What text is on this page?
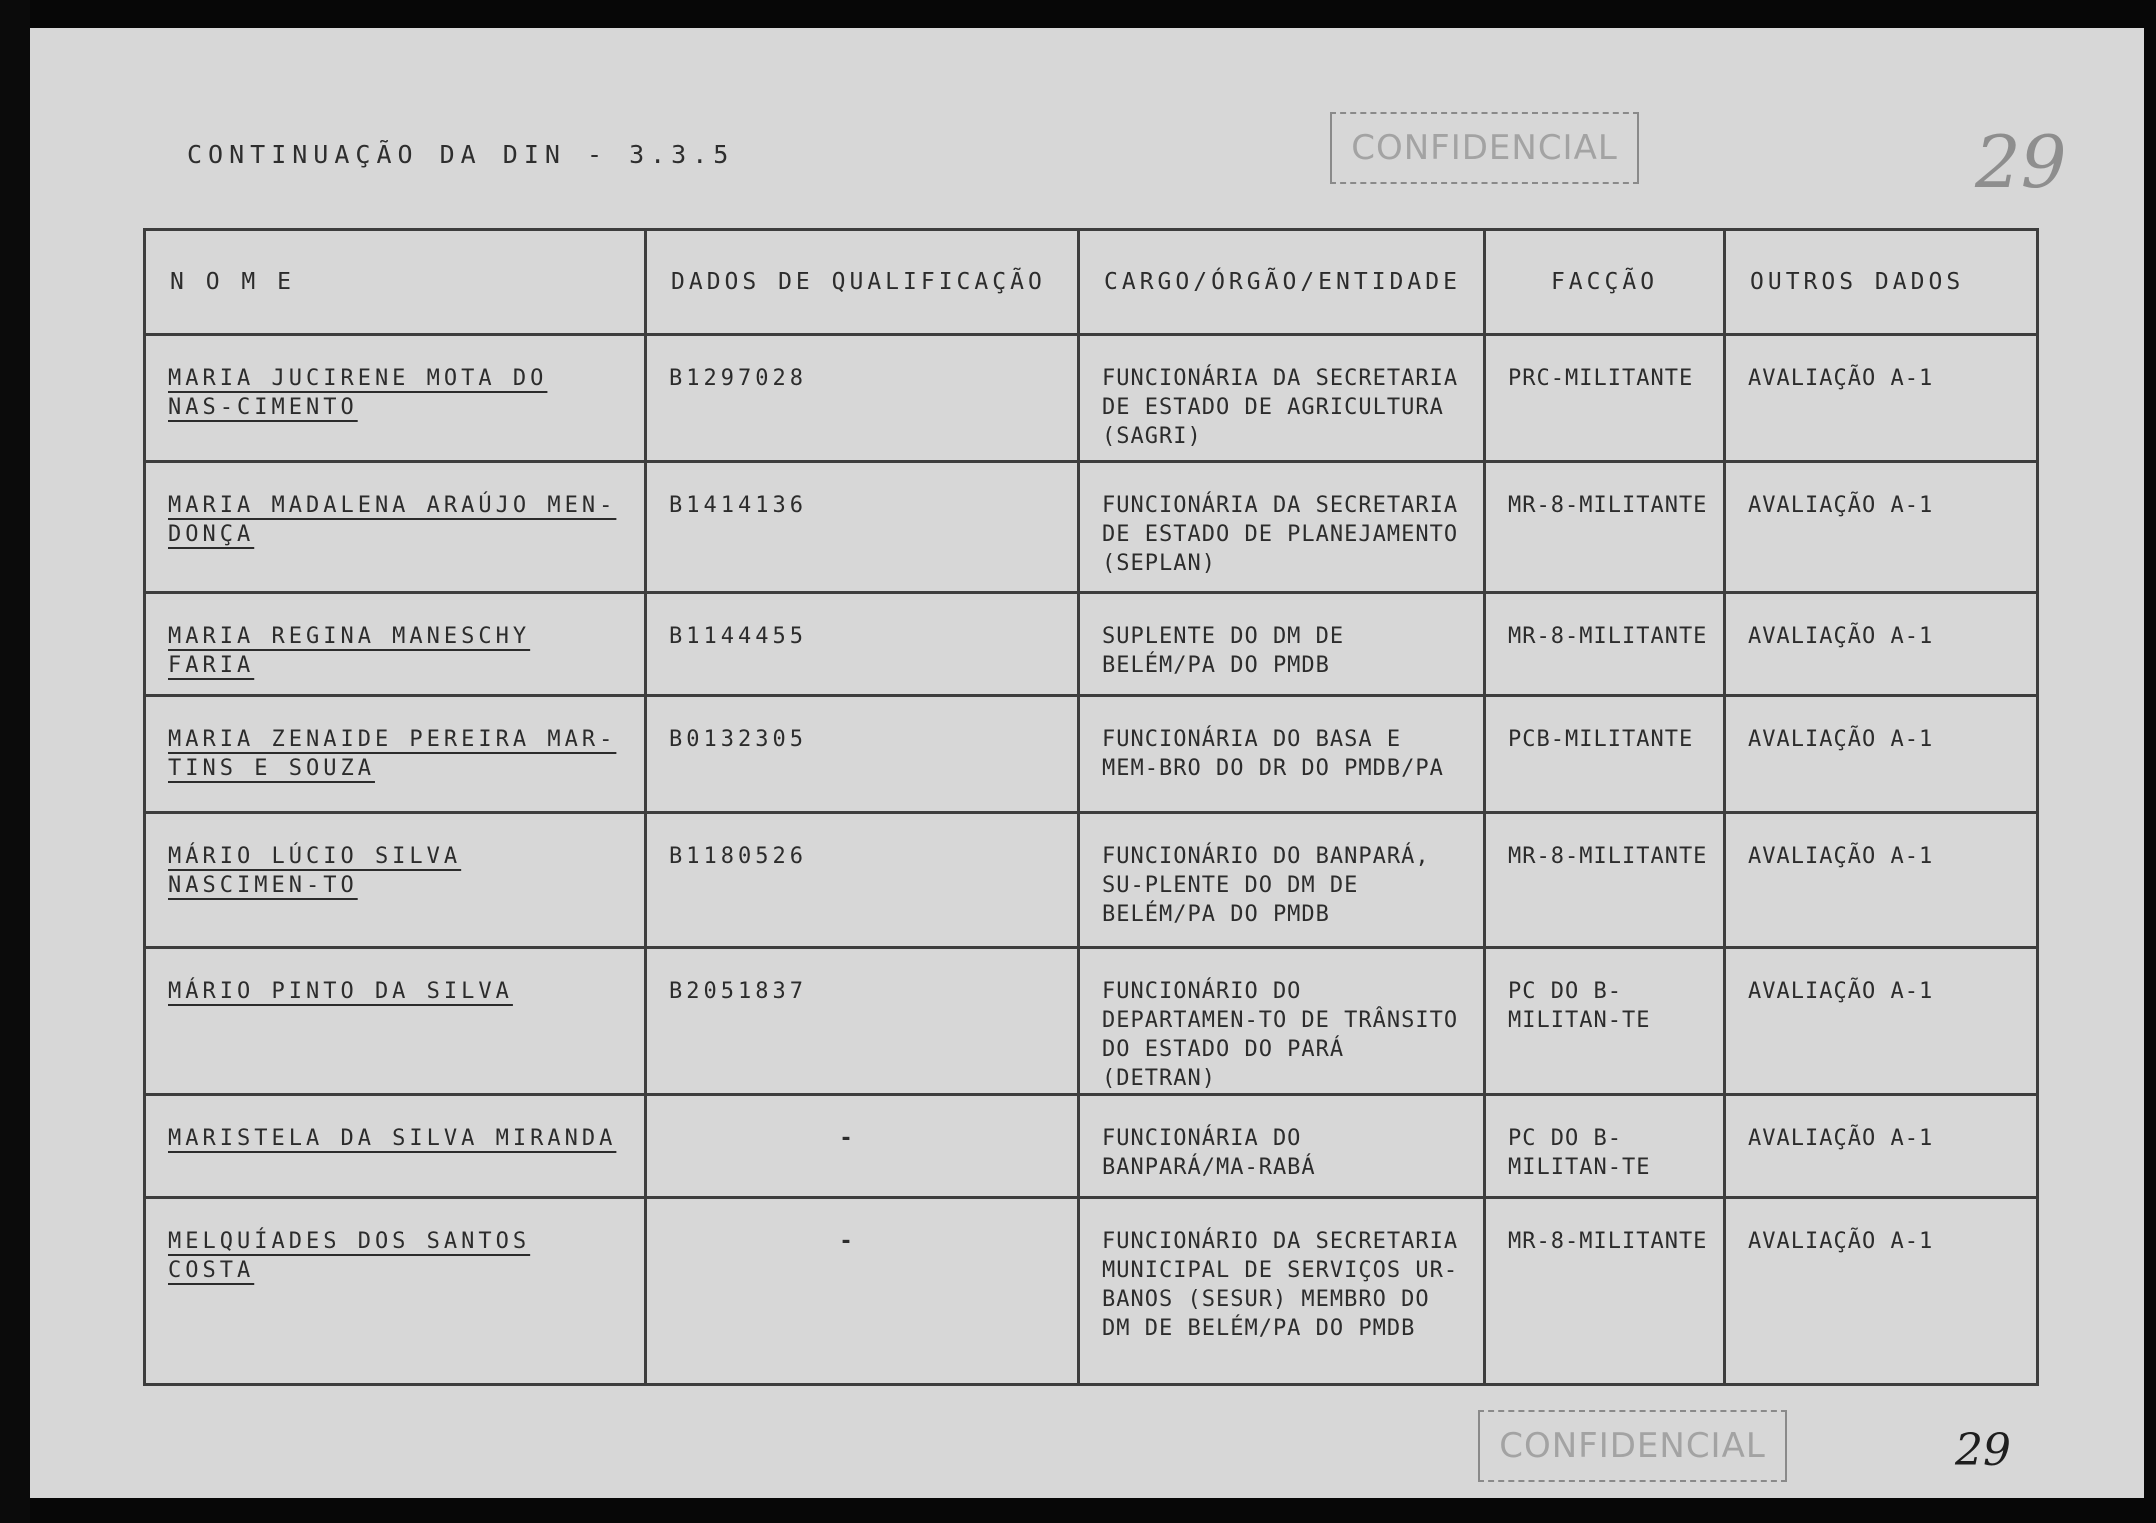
CONTINUAÇÃO DA DIN - 3.3.5	CONFIDENCIAL	29
N O M E	DADOS DE QUALIFICAÇÃO	CARGO/ÓRGÃO/ENTIDADE	FACÇÃO	OUTROS DADOS
MARIA JUCIRENE MOTA DO NAS-CIMENTO	B1297028	FUNCIONÁRIA DA SECRETARIA DE ESTADO DE AGRICULTURA (SAGRI)	PRC-MILITANTE	AVALIAÇÃO A-1
MARIA MADALENA ARAÚJO MEN-DONÇA	B1414136	FUNCIONÁRIA DA SECRETARIA DE ESTADO DE PLANEJAMENTO (SEPLAN)	MR-8-MILITANTE	AVALIAÇÃO A-1
MARIA REGINA MANESCHY FARIA	B1144455	SUPLENTE DO DM DE BELÉM/PA DO PMDB	MR-8-MILITANTE	AVALIAÇÃO A-1
MARIA ZENAIDE PEREIRA MAR-TINS E SOUZA	B0132305	FUNCIONÁRIA DO BASA E MEM-BRO DO DR DO PMDB/PA	PCB-MILITANTE	AVALIAÇÃO A-1
MÁRIO LÚCIO SILVA NASCIMEN-TO	B1180526	FUNCIONÁRIO DO BANPARÁ, SU-PLENTE DO DM DE BELÉM/PA DO PMDB	MR-8-MILITANTE	AVALIAÇÃO A-1
MÁRIO PINTO DA SILVA	B2051837	FUNCIONÁRIO DO DEPARTAMEN-TO DE TRÂNSITO DO ESTADO DO PARÁ (DETRAN)	PC DO B-MILITAN-TE	AVALIAÇÃO A-1
MARISTELA DA SILVA MIRANDA	-	FUNCIONÁRIA DO BANPARÁ/MA-RABÁ	PC DO B-MILITAN-TE	AVALIAÇÃO A-1
MELQUÍADES DOS SANTOS COSTA	-	FUNCIONÁRIO DA SECRETARIA MUNICIPAL DE SERVIÇOS UR-BANOS (SESUR) MEMBRO DO DM DE BELÉM/PA DO PMDB	MR-8-MILITANTE	AVALIAÇÃO A-1
CONFIDENCIAL	29
